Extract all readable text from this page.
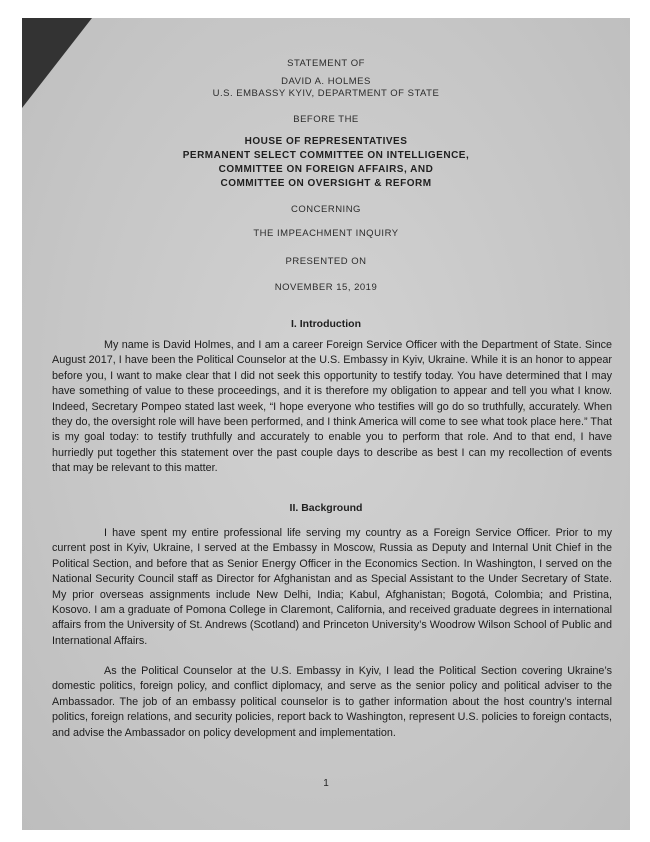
STATEMENT OF
DAVID A. HOLMES
U.S. EMBASSY KYIV, DEPARTMENT OF STATE
BEFORE THE
HOUSE OF REPRESENTATIVES
PERMANENT SELECT COMMITTEE ON INTELLIGENCE,
COMMITTEE ON FOREIGN AFFAIRS, AND
COMMITTEE ON OVERSIGHT & REFORM
CONCERNING
THE IMPEACHMENT INQUIRY
PRESENTED ON
NOVEMBER 15, 2019
I. Introduction
My name is David Holmes, and I am a career Foreign Service Officer with the Department of State. Since August 2017, I have been the Political Counselor at the U.S. Embassy in Kyiv, Ukraine. While it is an honor to appear before you, I want to make clear that I did not seek this opportunity to testify today. You have determined that I may have something of value to these proceedings, and it is therefore my obligation to appear and tell you what I know. Indeed, Secretary Pompeo stated last week, “I hope everyone who testifies will go do so truthfully, accurately. When they do, the oversight role will have been performed, and I think America will come to see what took place here.” That is my goal today: to testify truthfully and accurately to enable you to perform that role. And to that end, I have hurriedly put together this statement over the past couple days to describe as best I can my recollection of events that may be relevant to this matter.
II. Background
I have spent my entire professional life serving my country as a Foreign Service Officer. Prior to my current post in Kyiv, Ukraine, I served at the Embassy in Moscow, Russia as Deputy and Internal Unit Chief in the Political Section, and before that as Senior Energy Officer in the Economics Section. In Washington, I served on the National Security Council staff as Director for Afghanistan and as Special Assistant to the Under Secretary of State. My prior overseas assignments include New Delhi, India; Kabul, Afghanistan; Bogotá, Colombia; and Pristina, Kosovo. I am a graduate of Pomona College in Claremont, California, and received graduate degrees in international affairs from the University of St. Andrews (Scotland) and Princeton University’s Woodrow Wilson School of Public and International Affairs.
As the Political Counselor at the U.S. Embassy in Kyiv, I lead the Political Section covering Ukraine’s domestic politics, foreign policy, and conflict diplomacy, and serve as the senior policy and political adviser to the Ambassador. The job of an embassy political counselor is to gather information about the host country’s internal politics, foreign relations, and security policies, report back to Washington, represent U.S. policies to foreign contacts, and advise the Ambassador on policy development and implementation.
1
